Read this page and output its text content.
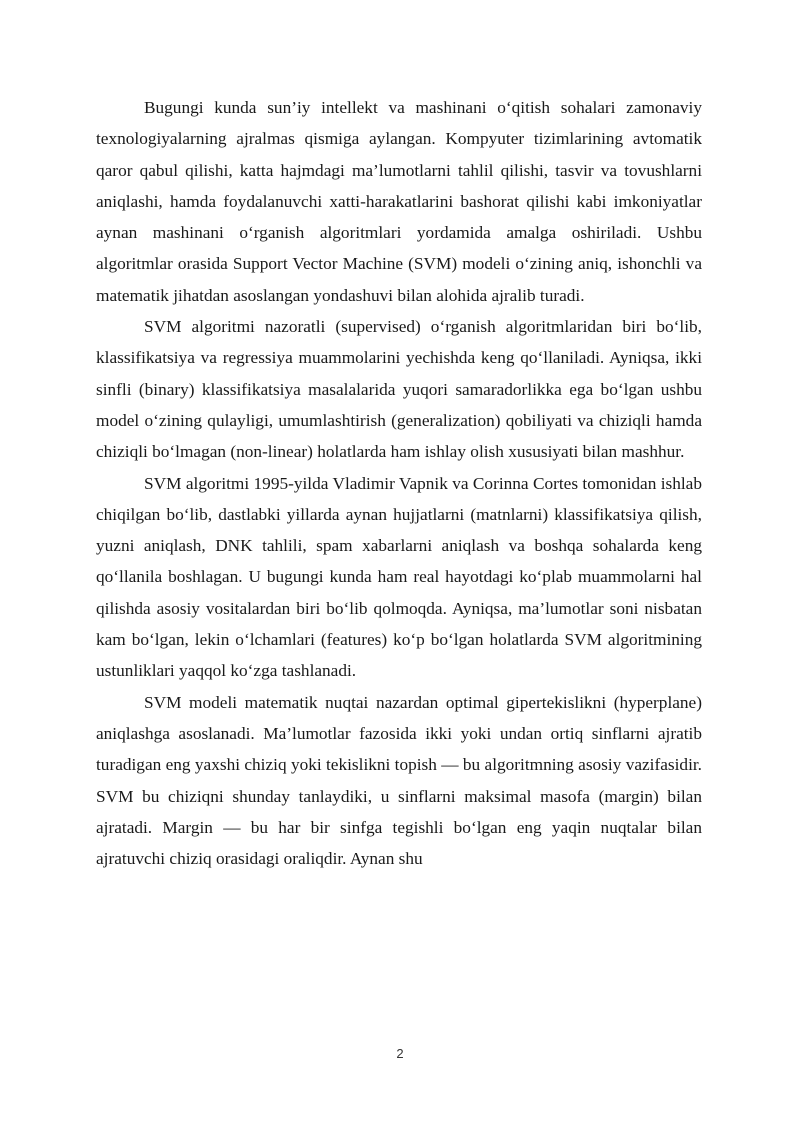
Bugungi kunda sun’iy intellekt va mashinani o‘qitish sohalari zamonaviy texnologiyalarning ajralmas qismiga aylangan. Kompyuter tizimlarining avtomatik qaror qabul qilishi, katta hajmdagi ma’lumotlarni tahlil qilishi, tasvir va tovushlarni aniqlashi, hamda foydalanuvchi xatti-harakatlarini bashorat qilishi kabi imkoniyatlar aynan mashinani o‘rganish algoritmlari yordamida amalga oshiriladi. Ushbu algoritmlar orasida Support Vector Machine (SVM) modeli o‘zining aniq, ishonchli va matematik jihatdan asoslangan yondashuvi bilan alohida ajralib turadi.

SVM algoritmi nazoratli (supervised) o‘rganish algoritmlaridan biri bo‘lib, klassifikatsiya va regressiya muammolarini yechishda keng qo‘llaniladi. Ayniqsa, ikki sinfli (binary) klassifikatsiya masalalarida yuqori samaradorlikka ega bo‘lgan ushbu model o‘zining qulayligi, umumlashtirish (generalization) qobiliyati va chiziqli hamda chiziqli bo‘lmagan (non-linear) holatlarda ham ishlay olish xususiyati bilan mashhur.

SVM algoritmi 1995-yilda Vladimir Vapnik va Corinna Cortes tomonidan ishlab chiqilgan bo‘lib, dastlabki yillarda aynan hujjatlarni (matnlarni) klassifikatsiya qilish, yuzni aniqlash, DNK tahlili, spam xabarlarni aniqlash va boshqa sohalarda keng qo‘llanila boshlagan. U bugungi kunda ham real hayotdagi ko‘plab muammolarni hal qilishda asosiy vositalardan biri bo‘lib qolmoqda. Ayniqsa, ma’lumotlar soni nisbatan kam bo‘lgan, lekin o‘lchamlari (features) ko‘p bo‘lgan holatlarda SVM algoritmining ustunliklari yaqqol ko‘zga tashlanadi.

SVM modeli matematik nuqtai nazardan optimal gipertekislikni (hyperplane) aniqlashga asoslanadi. Ma’lumotlar fazosida ikki yoki undan ortiq sinflarni ajratib turadigan eng yaxshi chiziq yoki tekislikni topish — bu algoritmning asosiy vazifasidir. SVM bu chiziqni shunday tanlaydiki, u sinflarni maksimal masofa (margin) bilan ajratadi. Margin — bu har bir sinfga tegishli bo‘lgan eng yaqin nuqtalar bilan ajratuvchi chiziq orasidagi oraliqdir. Aynan shu

2
